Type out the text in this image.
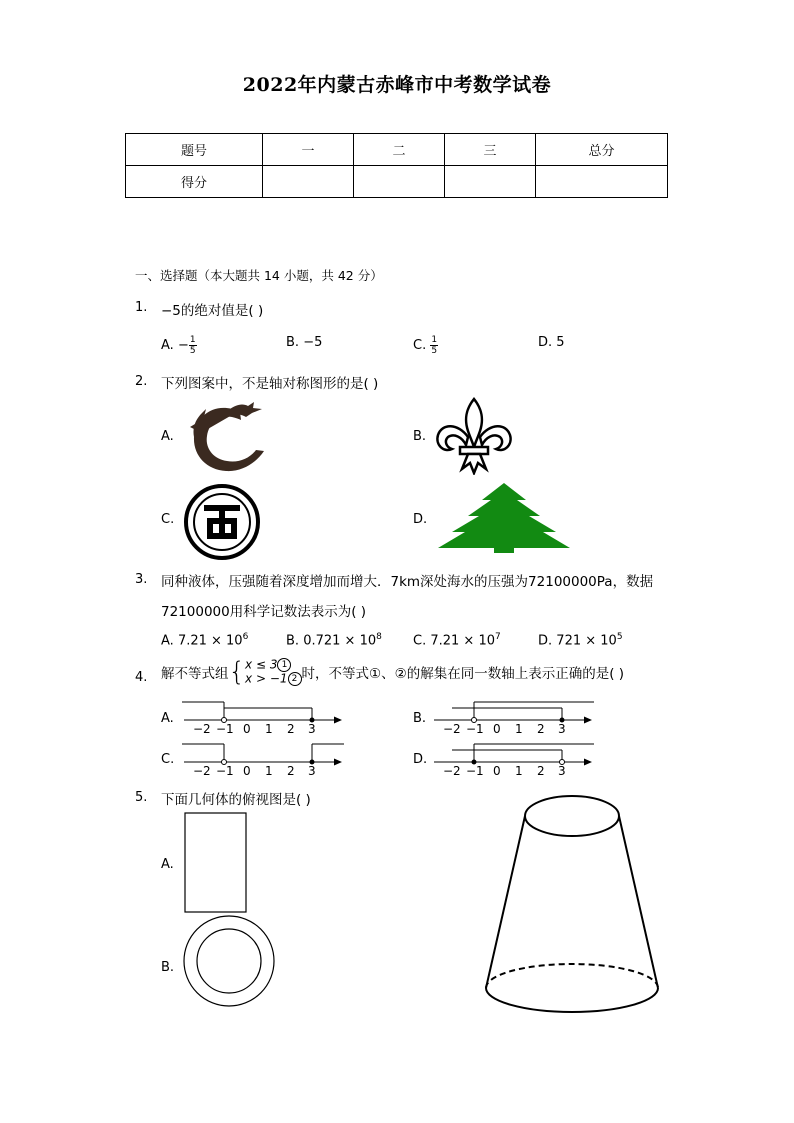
2022年内蒙古赤峰市中考数学试卷
题号	一	二	三	总分
得分				
一、选择题（本大题共 14 小题，共 42 分）
1. −5的绝对值是( )
A. − $\frac{1}{5}$	B. −5	C. $\frac{1}{5}$	D. 5
2. 下列图案中，不是轴对称图形的是( )
A.	B.
C.	D.
3. 同种液体，压强随着深度增加而增大．7km深处海水的压强为72100000Pa，数据
72100000用科学记数法表示为( )
A. $7.21 \times 10^6$	B. $0.721 \times 10^8$ C. $7.21 \times 10^7$	D. $721 \times 10^5$
4. 解不等式组{ x ≤ 3 1
x > −1 2 时，不等式①、②的解集在同一数轴上表示正确的是( )
A.
−2 −1 0 1 2 3
B.
−2 −1 0 1 2 3
C.
−2 −1 0 1 2 3
D.
−2 −1 0 1 2 3
5. 下面几何体的俯视图是( )
A.
B.
